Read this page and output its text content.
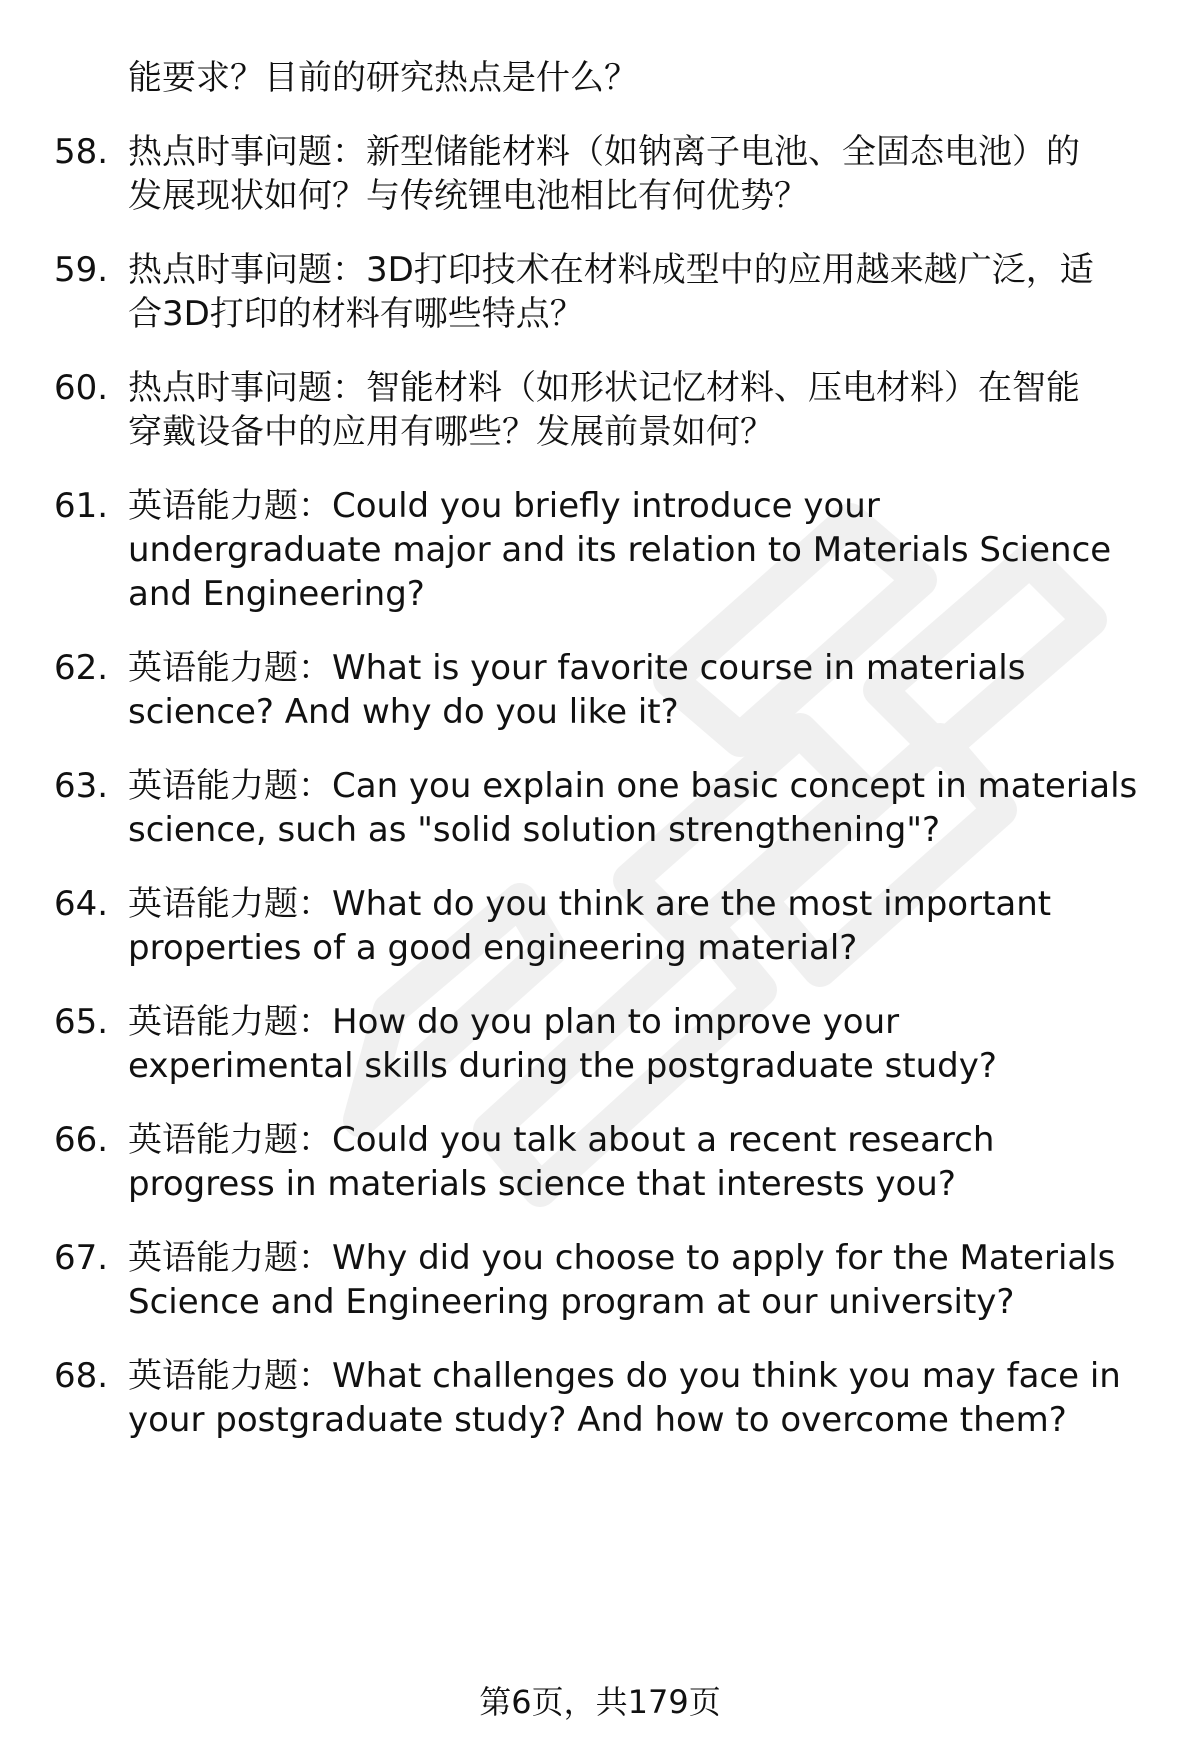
能要求？目前的研究热点是什么？
58. 热点时事问题：新型储能材料（如钠离子电池、全固态电池）的
发展现状如何？与传统锂电池相比有何优势？
59. 热点时事问题：3D打印技术在材料成型中的应用越来越广泛，适
合3D打印的材料有哪些特点？
60. 热点时事问题：智能材料（如形状记忆材料、压电材料）在智能
穿戴设备中的应用有哪些？发展前景如何？
61. 英语能力题：Could you briefly introduce your
undergraduate major and its relation to Materials Science
and Engineering?
62. 英语能力题：What is your favorite course in materials
science? And why do you like it?
63. 英语能力题：Can you explain one basic concept in materials
science, such as "solid solution strengthening"?
64. 英语能力题：What do you think are the most important
properties of a good engineering material?
65. 英语能力题：How do you plan to improve your
experimental skills during the postgraduate study?
66. 英语能力题：Could you talk about a recent research
progress in materials science that interests you?
67. 英语能力题：Why did you choose to apply for the Materials
Science and Engineering program at our university?
68. 英语能力题：What challenges do you think you may face in
your postgraduate study? And how to overcome them?
第6页，共179页
